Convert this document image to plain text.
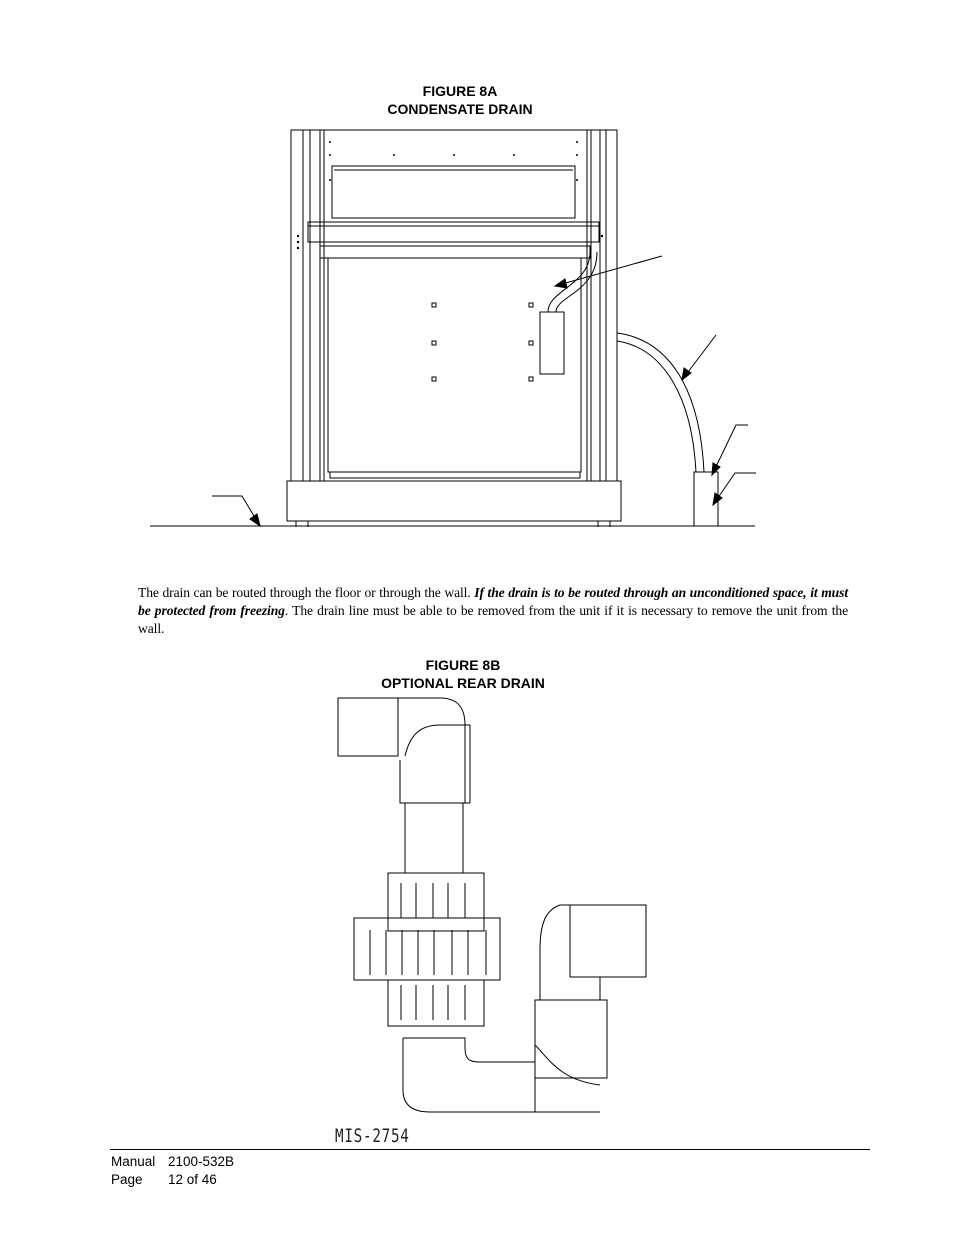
FIGURE 8A
CONDENSATE DRAIN
The drain can be routed through the floor or through the wall. If the drain is to be routed through an unconditioned space, it must be protected from freezing. The drain line must be able to be removed from the unit if it is necessary to remove the unit from the wall.
FIGURE 8B
OPTIONAL REAR DRAIN
MIS-2754
Manual 2100-532B
Page	12 of 46
